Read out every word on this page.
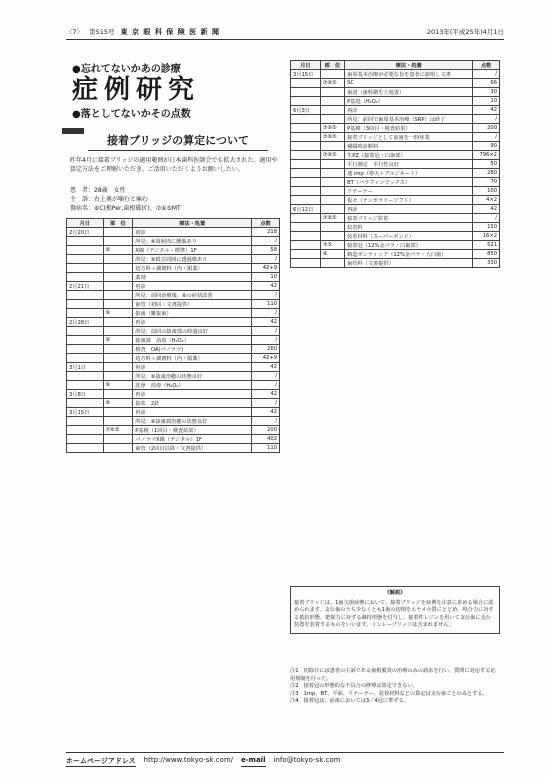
〈7〉 第515号 東 京 眼 科 保 険 医 新 聞	2013年(平成25年)4月1日
●忘れてないかあの診療
症例研究
●落としてないかその点数
接着ブリッジの算定について
昨年4月に接着ブリッジの適用範囲が日本歯科医師会でも拡大された。適用や算定方法をご理解いただき、ご活用いただくようお願いしたい。
患　者：28歳　女性
主　訴：右上奥が噛むと痛む
傷病名：⑥C(根Per,歯根破折)、⑦⑥⑤MT
月日	部　位	療法・処置	点数
2月20日		初診	218
		所見：⑥周囲肉に腫脹あり	/
	⑥	X線（デジタル・標準）1F	58
		所見：⑥根尖周囲に透過像あり	/
		処方料＋調剤料（内・服薬）	42+9
		薬剤	10
2月21日		再診	42
		所見：前回治療後、⑥の症状改善	/
		歯管（初回・文書提供）	110
	⑥	抜歯（難抜歯）	/
2月28日		再診	42
		所見：前回の抜歯部の経過良好	/
	⑥	抜歯窩　消毒（H₂O₂）	/
		検査　OA(パノラマ)	260
		処方料＋調剤料（内・服薬）	42+9
3月1日		再診	42
		所見：⑥抜歯治癒の状態良好	/
	⑥	洗浄　消毒（H₂O₂）	/
3月8日		再診	42
	⑥	抜糸　2針	/
3月15日		再診	42
		所見：⑥抜歯窩治癒の状態良好	/
	⑦⑥⑤	P基検（1回目・検査結果）	200
		パノラマX線（デジタル）1F	402
		歯管（2回目以降・文書提供）	110
月日	部　位	療法・処置	点数
3月15日		歯周基本治療が必要な旨を患者に説明し文書	/
	⑦⑥⑤	SC	66
		歯清（歯科衛生士処置）	30
		P基処（H₂O₂）	10
6月3日		再診	42
		所見：前回で歯周基本治療（SRP）は終了	/
	⑦⑥⑤	P基検（3回目・検査結果）	200
	⑦⑥⑤	接着ブリッジとして前歯を一時休業	/
		補綴時診断料	90
	⑦⑥⑤	生PZ（接着冠・臼歯部）	796×2
		平行測定　平行性良好	50
		連 imp（寒天＋アルジネート）	280
		BT（パラフィンワックス）	70
		リテーナー	100
		仮セ（テンポラリーソフト）	4×2
6月12日		再診	42
	⑦⑥⑤	接着ブリッジ装着	/
		装着料	150
		装着材料（スーパーボンド）	16×2
	⑦⑤	接着冠（12%金パラ・臼歯部）	521
	⑥	鋳造ポンティック（12%金パラ・大臼歯）	850
		歯管料（文書提供）	330
《解説》
接着ブリッジは、1歯欠損症例において、接着ブリッジを症例を注意に求める場合に認められます。支台歯のうち少なくとも1歯の切削をエナメル質にとどめ、咬合力に対する抵抗形態、把握力に対する維持形態を付与し、接着性レジンを用いて支台歯に支台装置を装着するものをいいます。インレーブリッジは含まれません。
注1　切除日には患者の主訴である歯根膜炎の治療のみの請求を行い、質問に対応する応用規制を行った。
注2　接着冠の形態的な不具合の修理は算定できない。
注3　1mp、BT、平面、リテーナー、装着材料などの算定は支台歯ごとのみとする。
注4　接着冠は、前歯においては3／4冠に準ずる。
ホームページアドレス http://www.tokyo-sk.com/ e-mail info@tokyo-sk.com
